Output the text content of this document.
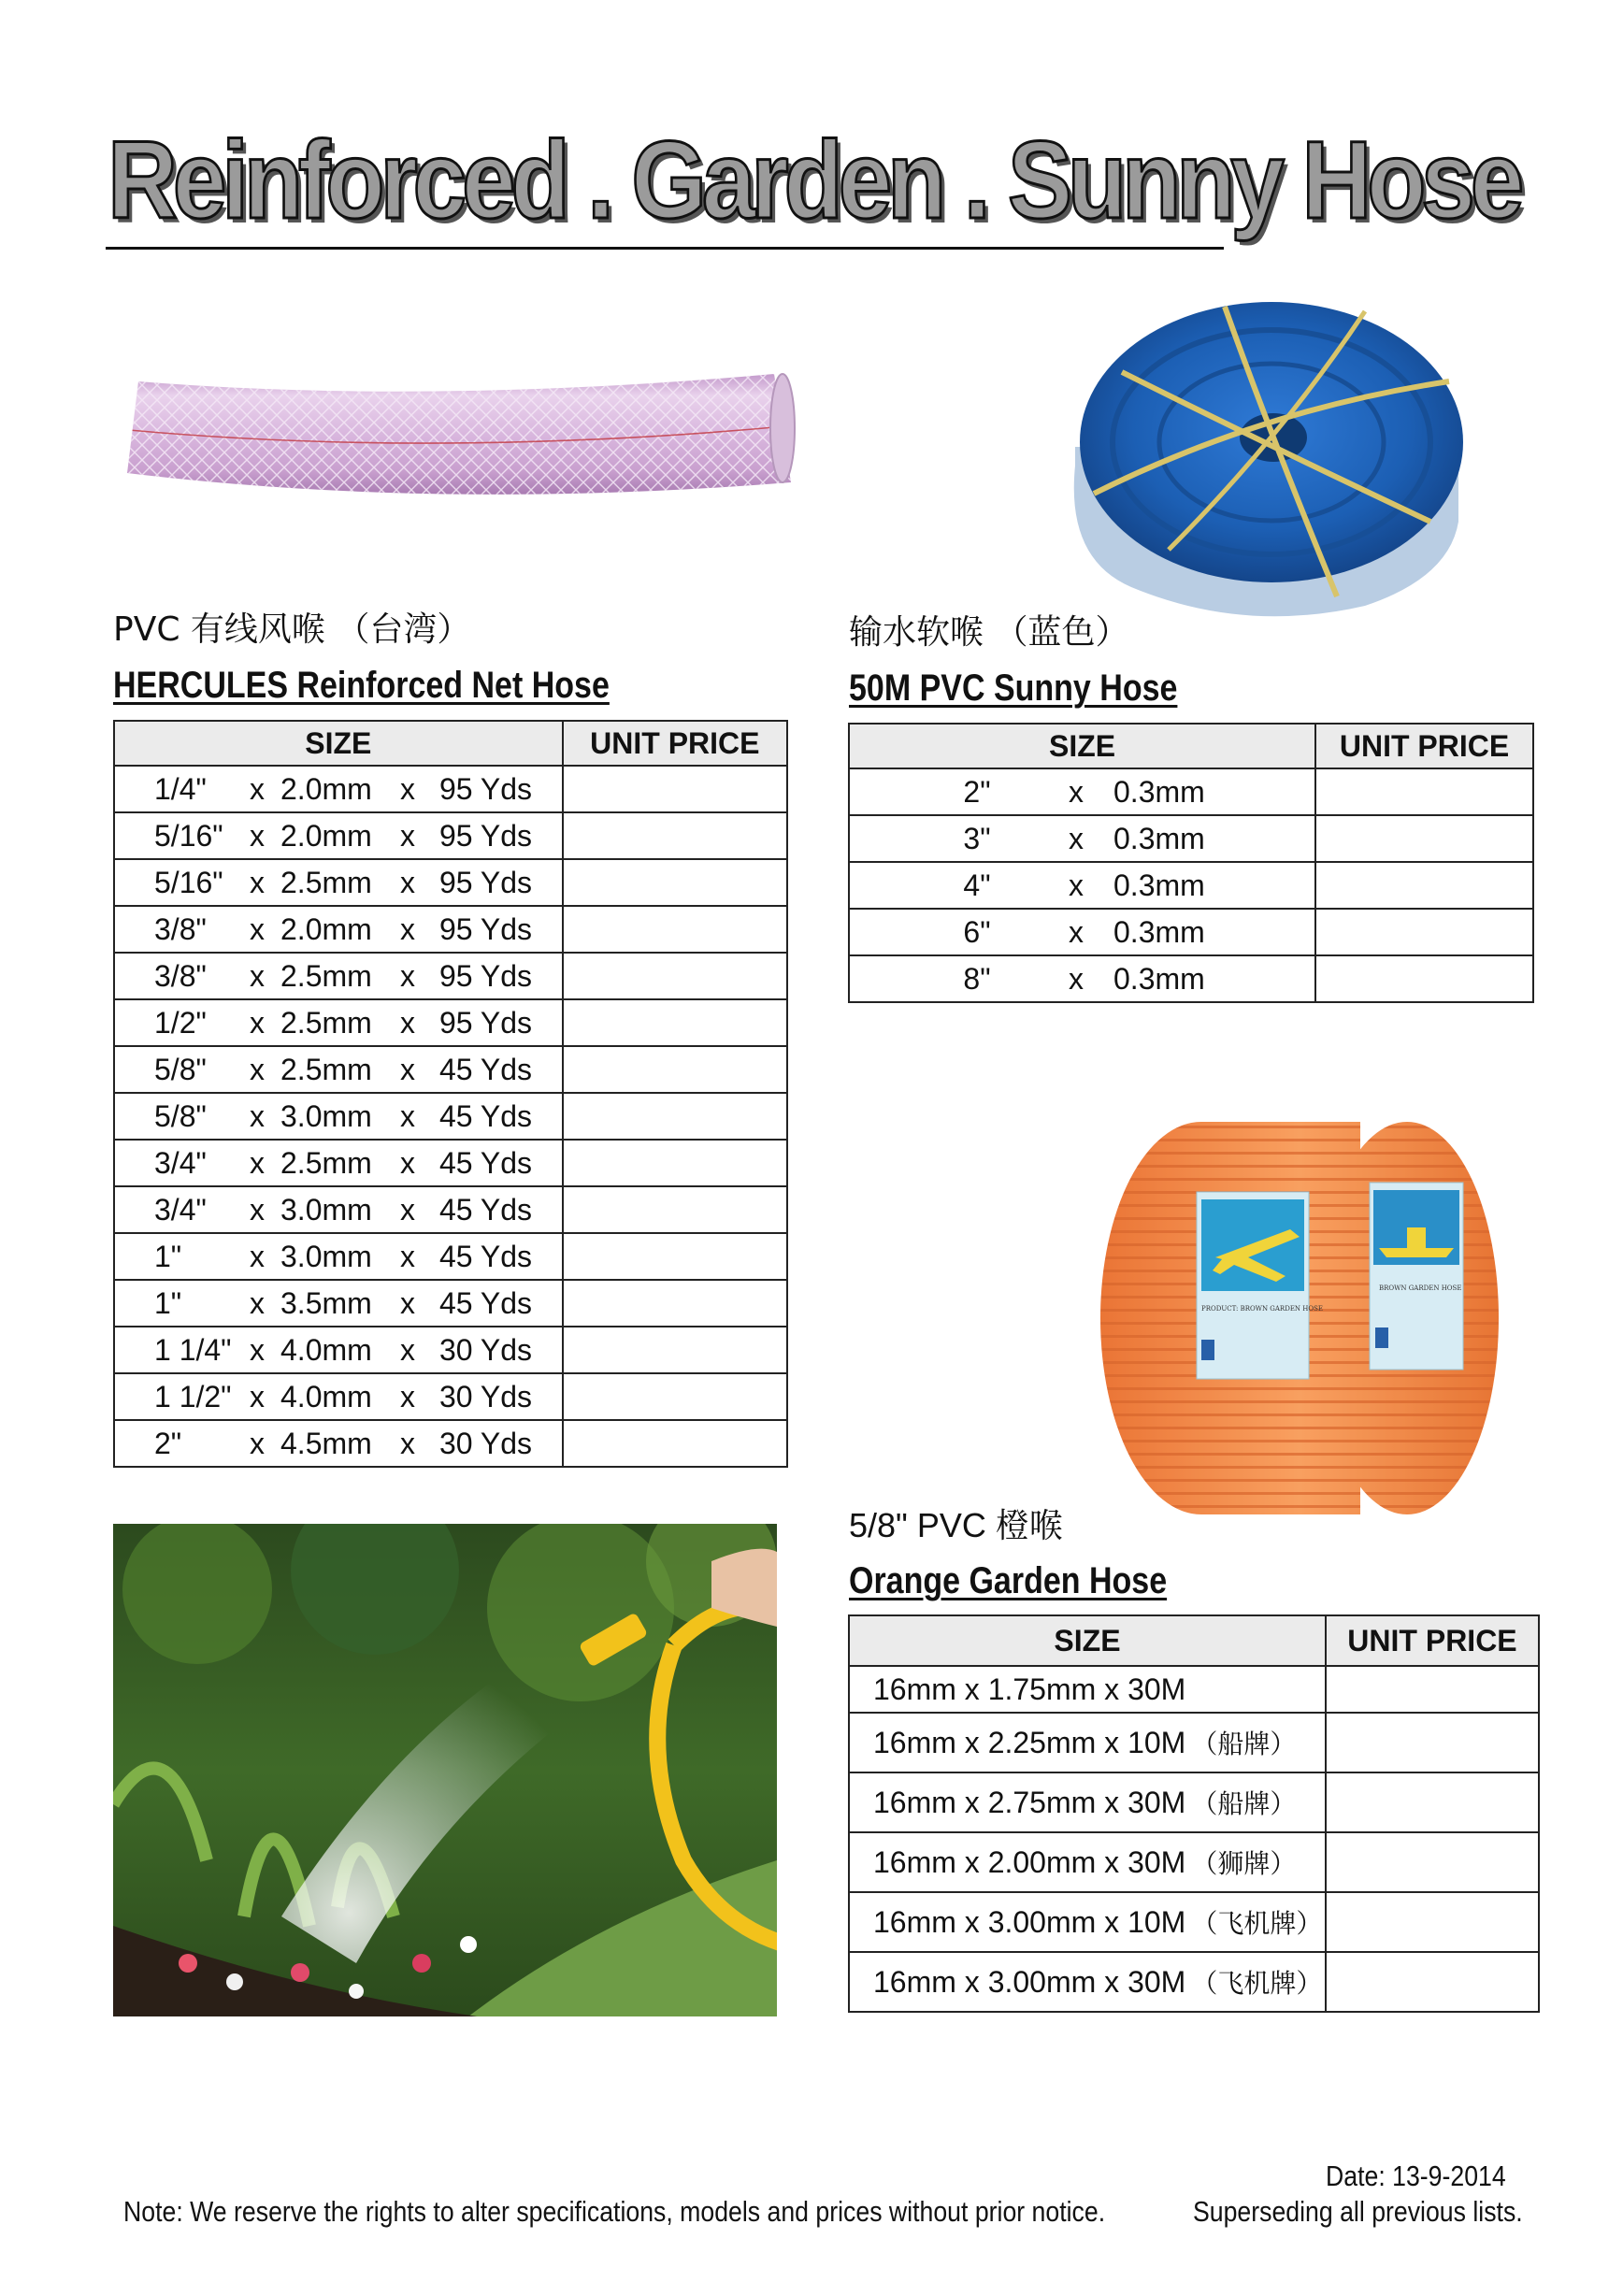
Reinforced . Garden . Sunny Hose
PVC 有线风喉 （台湾）
HERCULES Reinforced Net Hose
输水软喉 （蓝色）
50M PVC Sunny Hose
SIZE	UNIT PRICE
1/4" x 2.0mm x 95 Yds	
5/16" x 2.0mm x 95 Yds	
5/16" x 2.5mm x 95 Yds	
3/8" x 2.0mm x 95 Yds	
3/8" x 2.5mm x 95 Yds	
1/2" x 2.5mm x 95 Yds	
5/8" x 2.5mm x 45 Yds	
5/8" x 3.0mm x 45 Yds	
3/4" x 2.5mm x 45 Yds	
3/4" x 3.0mm x 45 Yds	
1" x 3.0mm x 45 Yds	
1" x 3.5mm x 45 Yds	
1 1/4" x 4.0mm x 30 Yds	
1 1/2" x 4.0mm x 30 Yds	
2" x 4.5mm x 30 Yds	
SIZE	UNIT PRICE
2" x 0.3mm	
3" x 0.3mm	
4" x 0.3mm	
6" x 0.3mm	
8" x 0.3mm	
PRODUCT: BROWN GARDEN HOSE
BROWN GARDEN HOSE
5/8" PVC 橙喉
Orange Garden Hose
SIZE	UNIT PRICE
16mm x 1.75mm x 30M	
16mm x 2.25mm x 10M （船牌）	
16mm x 2.75mm x 30M （船牌）	
16mm x 2.00mm x 30M （狮牌）	
16mm x 3.00mm x 10M （飞机牌）	
16mm x 3.00mm x 30M （飞机牌）	
Note: We reserve the rights to alter specifications, models and prices without prior notice.
Date: 13-9-2014
Superseding all previous lists.
